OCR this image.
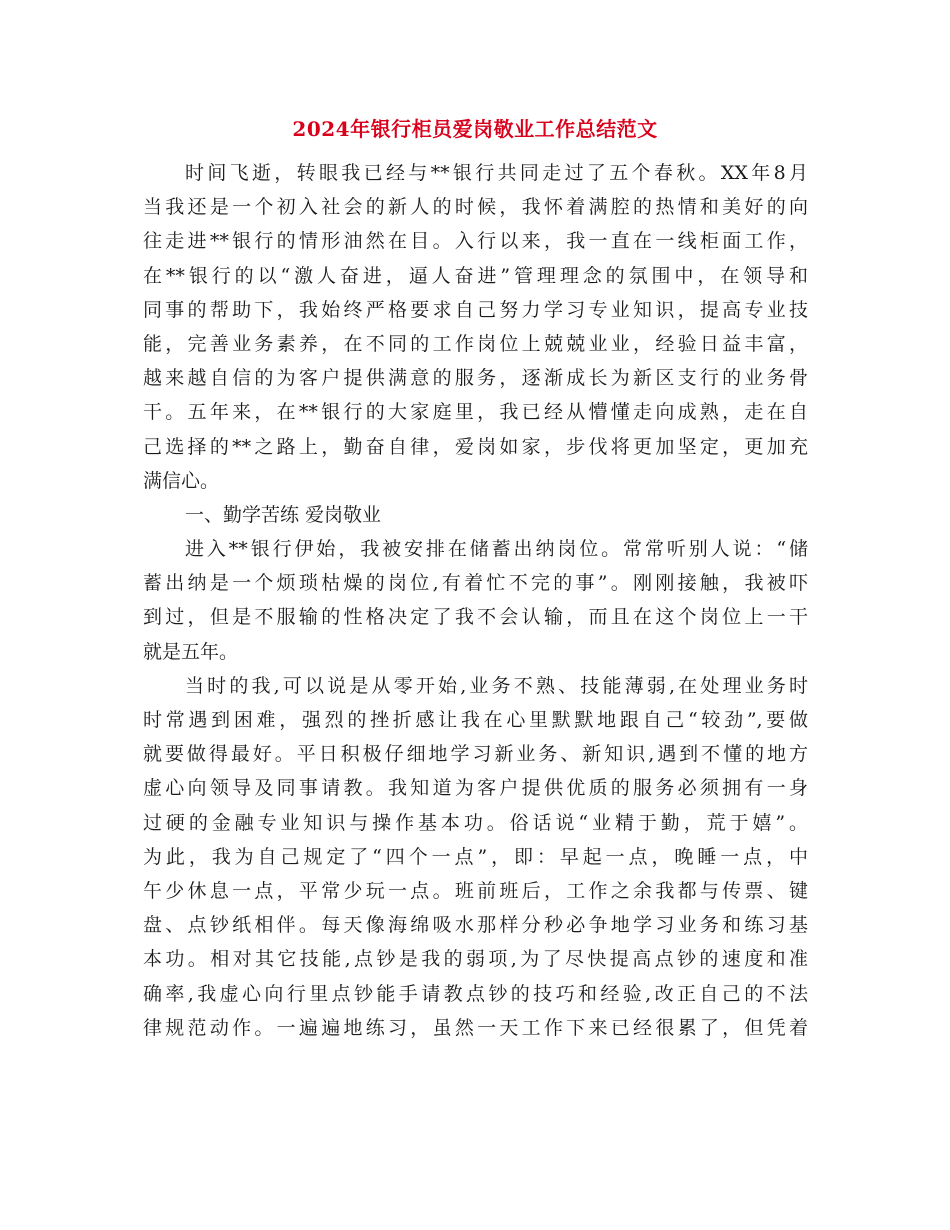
2024年银行柜员爱岗敬业工作总结范文
时间飞逝，转眼我已经与**银行共同走过了五个春秋。XX年8月
当我还是一个初入社会的新人的时候，我怀着满腔的热情和美好的向
往走进**银行的情形油然在目。入行以来，我一直在一线柜面工作，
在**银行的以“激人奋进，逼人奋进”管理理念的氛围中，在领导和
同事的帮助下，我始终严格要求自己努力学习专业知识，提高专业技
能，完善业务素养，在不同的工作岗位上兢兢业业，经验日益丰富，
越来越自信的为客户提供满意的服务，逐渐成长为新区支行的业务骨
干。五年来，在**银行的大家庭里，我已经从懵懂走向成熟，走在自
己选择的**之路上，勤奋自律，爱岗如家，步伐将更加坚定，更加充
满信心。
一、勤学苦练 爱岗敬业
进入**银行伊始，我被安排在储蓄出纳岗位。常常听别人说：“储
蓄出纳是一个烦琐枯燥的岗位,有着忙不完的事”。刚刚接触，我被吓
到过，但是不服输的性格决定了我不会认输，而且在这个岗位上一干
就是五年。
当时的我,可以说是从零开始,业务不熟、技能薄弱,在处理业务时
时常遇到困难，强烈的挫折感让我在心里默默地跟自己“较劲”,要做
就要做得最好。平日积极仔细地学习新业务、新知识,遇到不懂的地方
虚心向领导及同事请教。我知道为客户提供优质的服务必须拥有一身
过硬的金融专业知识与操作基本功。俗话说“业精于勤，荒于嬉”。
为此，我为自己规定了“四个一点”，即：早起一点，晚睡一点，中
午少休息一点，平常少玩一点。班前班后，工作之余我都与传票、键
盘、点钞纸相伴。每天像海绵吸水那样分秒必争地学习业务和练习基
本功。相对其它技能,点钞是我的弱项,为了尽快提高点钞的速度和准
确率,我虚心向行里点钞能手请教点钞的技巧和经验,改正自己的不法
律规范动作。一遍遍地练习，虽然一天工作下来已经很累了，但凭着
